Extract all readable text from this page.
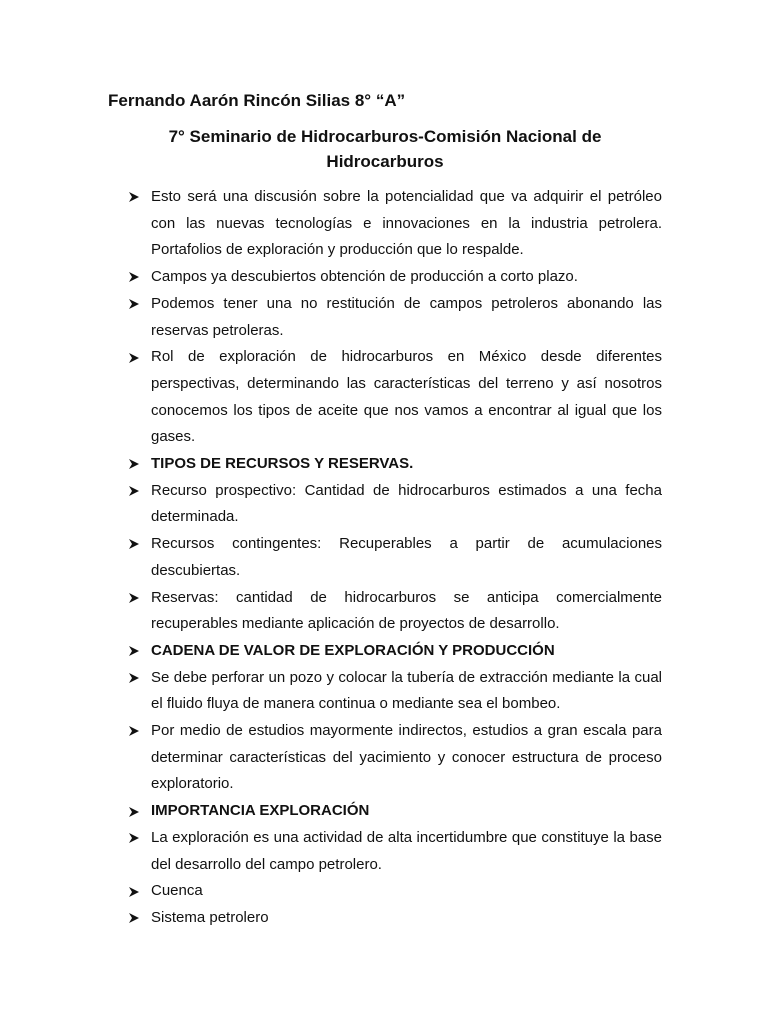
Fernando Aarón Rincón Silias 8° “A”

7° Seminario de Hidrocarburos-Comisión Nacional de Hidrocarburos

Esto será una discusión sobre la potencialidad que va adquirir el petróleo con las nuevas tecnologías e innovaciones en la industria petrolera. Portafolios de exploración y producción que lo respalde.
Campos ya descubiertos obtención de producción a corto plazo.
Podemos tener una no restitución de campos petroleros abonando las reservas petroleras.
Rol de exploración de hidrocarburos en México desde diferentes perspectivas, determinando las características del terreno y así nosotros conocemos los tipos de aceite que nos vamos a encontrar al igual que los gases.
TIPOS DE RECURSOS Y RESERVAS.
Recurso prospectivo: Cantidad de hidrocarburos estimados a una fecha determinada.
Recursos contingentes: Recuperables a partir de acumulaciones descubiertas.
Reservas: cantidad de hidrocarburos se anticipa comercialmente recuperables mediante aplicación de proyectos de desarrollo.
CADENA DE VALOR DE EXPLORACIÓN Y PRODUCCIÓN
Se debe perforar un pozo y colocar la tubería de extracción mediante la cual el fluido fluya de manera continua o mediante sea el bombeo.
Por medio de estudios mayormente indirectos, estudios a gran escala para determinar características del yacimiento y conocer estructura de proceso exploratorio.
IMPORTANCIA EXPLORACIÓN
La exploración es una actividad de alta incertidumbre que constituye la base del desarrollo del campo petrolero.
Cuenca
Sistema petrolero
